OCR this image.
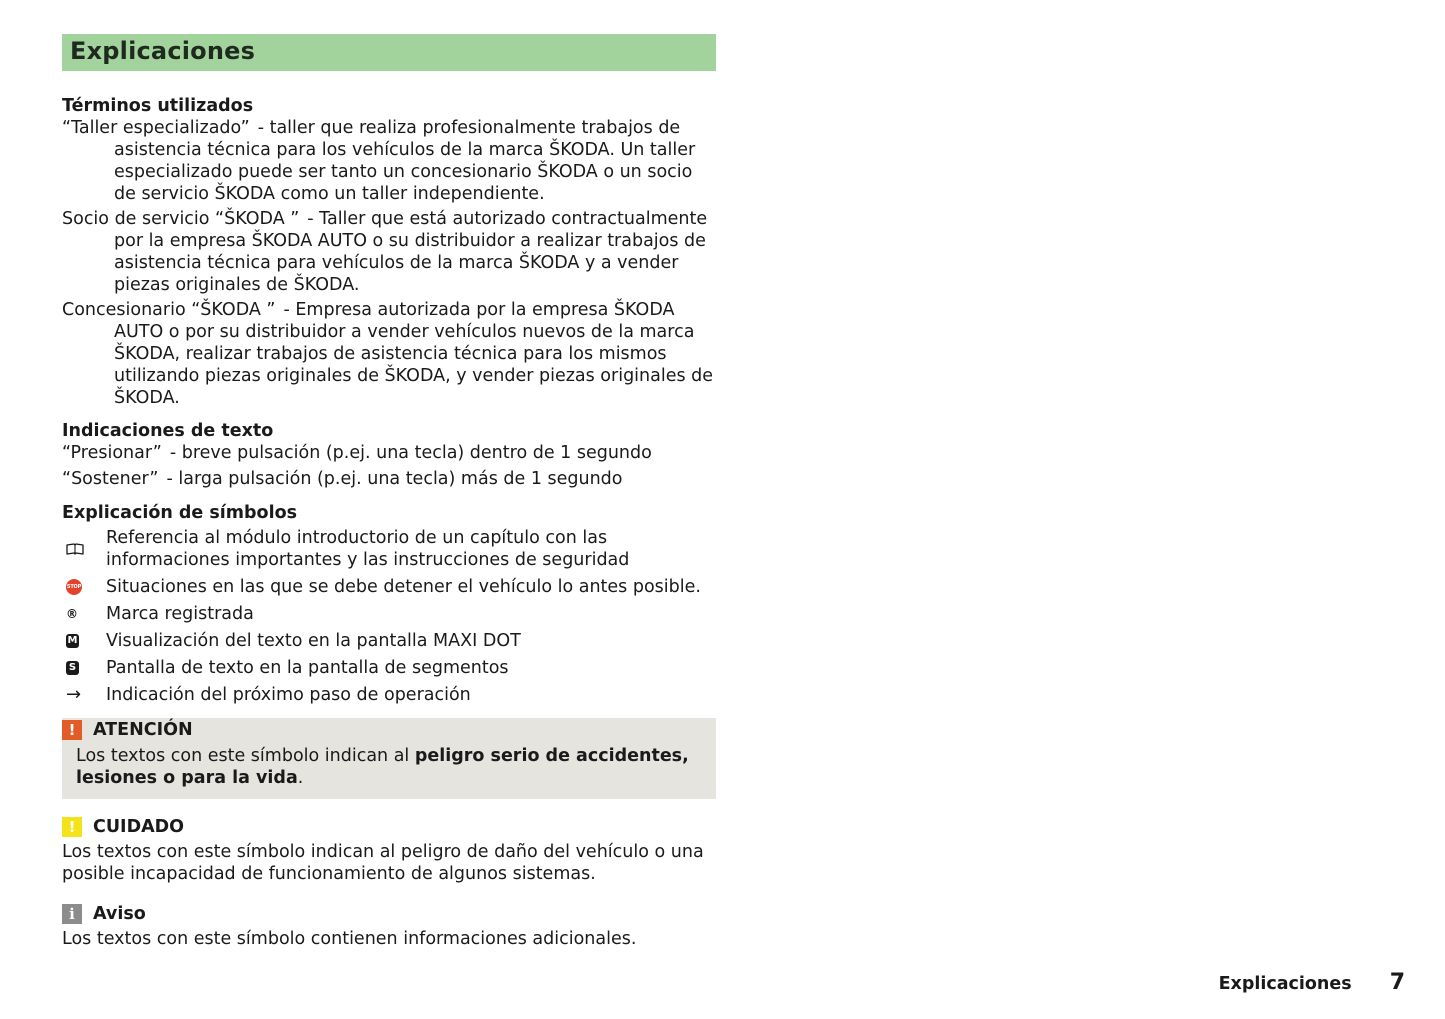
Explicaciones
Términos utilizados
“Taller especializado” - taller que realiza profesionalmente trabajos de asistencia técnica para los vehículos de la marca ŠKODA. Un taller especializado puede ser tanto un concesionario ŠKODA o un socio de servicio ŠKODA como un taller independiente.
Socio de servicio “ŠKODA ” - Taller que está autorizado contractualmente por la empresa ŠKODA AUTO o su distribuidor a realizar trabajos de asistencia técnica para vehículos de la marca ŠKODA y a vender piezas originales de ŠKODA.
Concesionario “ŠKODA ” - Empresa autorizada por la empresa ŠKODA AUTO o por su distribuidor a vender vehículos nuevos de la marca ŠKODA, realizar trabajos de asistencia técnica para los mismos utilizando piezas originales de ŠKODA, y vender piezas originales de ŠKODA.
Indicaciones de texto
“Presionar” - breve pulsación (p.ej. una tecla) dentro de 1 segundo
“Sostener” - larga pulsación (p.ej. una tecla) más de 1 segundo
Explicación de símbolos
Referencia al módulo introductorio de un capítulo con las informaciones importantes y las instrucciones de seguridad
STOP Situaciones en las que se debe detener el vehículo lo antes posible.
® Marca registrada
M Visualización del texto en la pantalla MAXI DOT
S Pantalla de texto en la pantalla de segmentos
→ Indicación del próximo paso de operación
!	ATENCIÓN
Los textos con este símbolo indican al peligro serio de accidentes, lesiones o para la vida.
!	CUIDADO
Los textos con este símbolo indican al peligro de daño del vehículo o una posible incapacidad de funcionamiento de algunos sistemas.
i	Aviso
Los textos con este símbolo contienen informaciones adicionales.
Explicaciones 7
